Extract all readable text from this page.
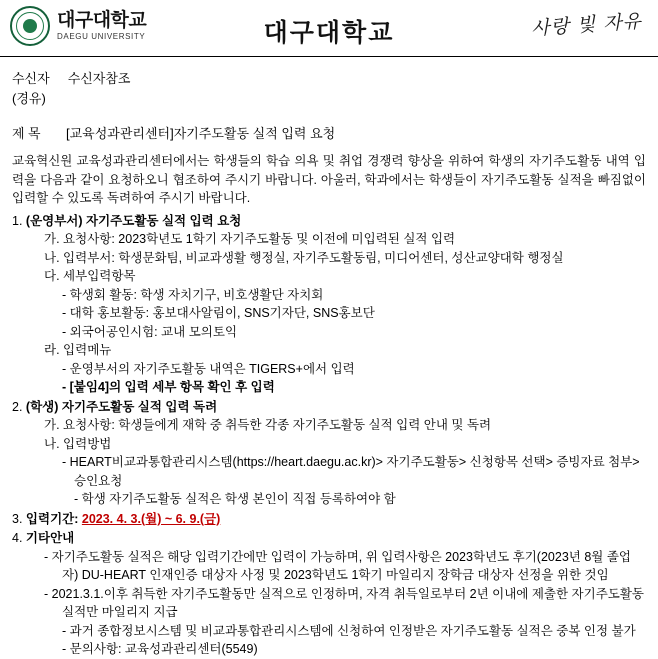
대구대학교
DAEGU UNIVERSITY	대구대학교	사랑 빛 자유
수신자 수신자참조
(경유)
제 목 [교육성과관리센터]자기주도활동 실적 입력 요청

교육혁신원 교육성과관리센터에서는 학생들의 학습 의욕 및 취업 경쟁력 향상을 위하여 학생의 자기주도활동 내역 입력을 다음과 같이 요청하오니 협조하여 주시기 바랍니다. 아울러, 학과에서는 학생들이 자기주도활동 실적을 빠짐없이 입력할 수 있도록 독려하여 주시기 바랍니다.

1. (운영부서) 자기주도활동 실적 입력 요청
가. 요청사항: 2023학년도 1학기 자기주도활동 및 이전에 미입력된 실적 입력
나. 입력부서: 학생문화팀, 비교과생활 행정실, 자기주도활동림, 미디어센터, 성산교양대학 행정실
다. 세부입력항목
- 학생회 활동: 학생 자치기구, 비호생활단 자치회
- 대학 홍보활동: 홍보대사알림이, SNS기자단, SNS홍보단
- 외국어공인시험: 교내 모의토익
라. 입력메뉴
- 운영부서의 자기주도활동 내역은 TIGERS+에서 입력
- [붙임4]의 입력 세부 항목 확인 후 입력
2. (학생) 자기주도활동 실적 입력 독려
가. 요청사항: 학생들에게 재학 중 취득한 각종 자기주도활동 실적 입력 안내 및 독려
나. 입력방법
- HEART비교과통합관리시스템(https://heart.daegu.ac.kr)> 자기주도활동> 신청항목 선택> 증빙자료 첨부> 승인요청
- 학생 자기주도활동 실적은 학생 본인이 직접 등록하여야 함
3. 입력기간: 2023. 4. 3.(월) ~ 6. 9.(금)
4. 기타안내
- 자기주도활동 실적은 해당 입력기간에만 입력이 가능하며, 위 입력사항은 2023학년도 후기(2023년 8월 졸업자) DU-HEART 인재인증 대상자 사정 및 2023학년도 1학기 마일리지 장학금 대상자 선정을 위한 것임
- 2021.3.1.이후 취득한 자기주도활동만 실적으로 인정하며, 자격 취득일로부터 2년 이내에 제출한 자기주도활동실적만 마일리지 지급
- 과거 종합정보시스템 및 비교과통합관리시스템에 신청하여 인정받은 자기주도활동 실적은 중복 인정 불가
- 문의사항: 교육성과관리센터(5549)
